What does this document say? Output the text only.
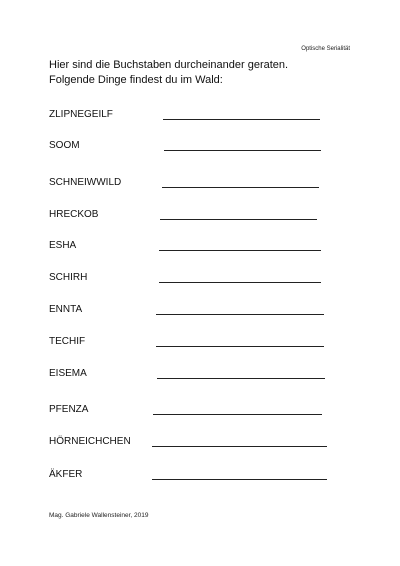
Optische Serialität
Hier sind die Buchstaben durcheinander geraten.
Folgende Dinge findest du im Wald:
ZLIPNEGEILF
SOOM
SCHNEIWWILD
HRECKOB
ESHA
SCHIRH
ENNTA
TECHIF
EISEMA
PFENZA
HÖRNEICHCHEN
ÄKFER
Mag. Gabriele Wallensteiner, 2019
